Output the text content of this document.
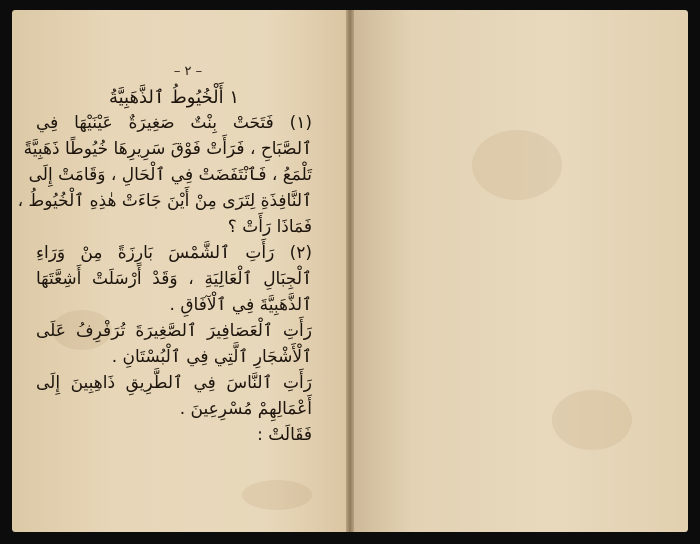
– ٢ –
١ أَلْخُيُوطُ ٱلذَّهَبِيَّةُ
(١) فَتَحَتْ بِنْتٌ صَغِيرَةٌ عَيْنَيْهَا فِي
ٱلصَّبَاحِ ، فَرَأَتْ فَوْقَ سَرِيرِهَا خُيُوطًا ذَهَبِيَّةً
تَلْمَعُ ، فَٱنْتَفَضَتْ فِي ٱلْحَالِ ، وَقَامَتْ إِلَى
ٱلنَّافِذَةِ لِتَرَى مِنْ أَيْنَ جَاءَتْ هٰذِهِ ٱلْخُيُوطُ ،
فَمَاذَا رَأَتْ ؟
(٢) رَأَتِ ٱلشَّمْسَ بَارِزَةً مِنْ وَرَاءِ
ٱلْجِبَالِ ٱلْعَالِيَةِ ، وَقَدْ أَرْسَلَتْ أَشِعَّتَهَا
ٱلذَّهَبِيَّةَ فِي ٱلْآفَاقِ .
رَأَتِ ٱلْعَصَافِيرَ ٱلصَّغِيرَةَ تُرَفْرِفُ عَلَى
ٱلْأَشْجَارِ ٱلَّتِي فِي ٱلْبُسْتَانِ .
رَأَتِ ٱلنَّاسَ فِي ٱلطَّرِيقِ ذَاهِبِينَ إِلَى
أَعْمَالِهِمْ مُسْرِعِينَ .
فَقَالَتْ :
